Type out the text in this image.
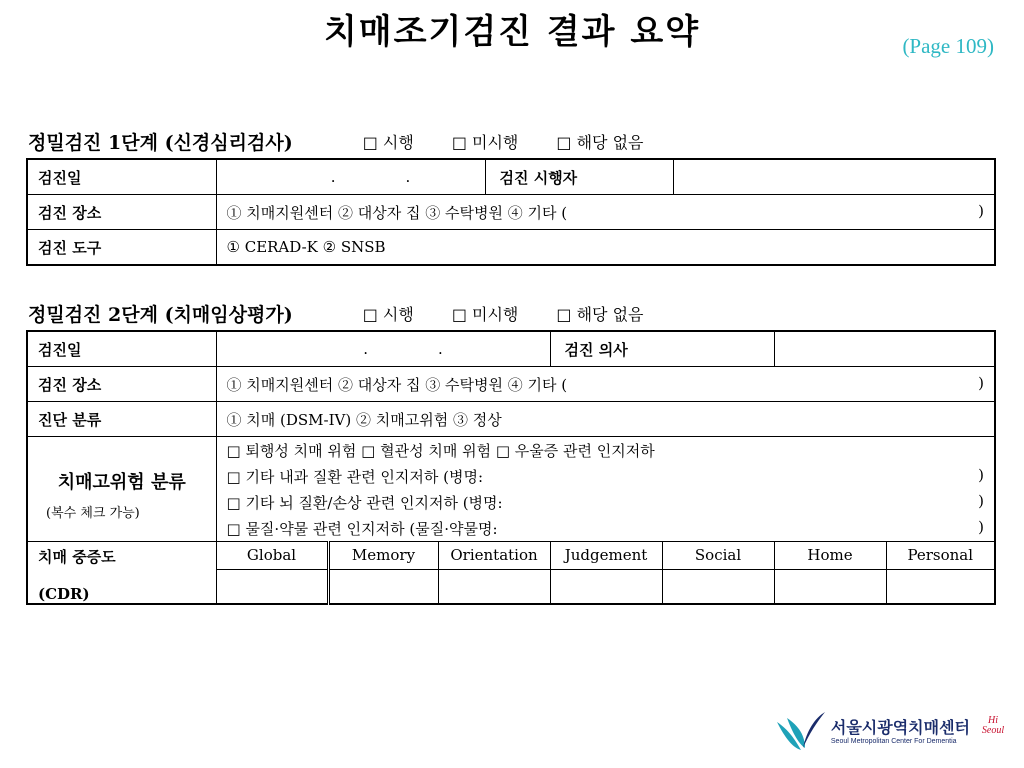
치매조기검진 결과 요약	(Page 109)
정밀검진 1단계 (신경심리검사)	□ 시행 □ 미시행 □ 해당 없음
검진일	. .	검진 시행자	
검진 장소	① 치매지원센터 ② 대상자 집 ③ 수탁병원 ④ 기타 ( )		

검진 도구	① CERAD-K ② SNSB		
정밀검진 2단계 (치매임상평가)	□ 시행 □ 미시행 □ 해당 없음
검진일	. .			검진 의사			
검진 장소	① 치매지원센터 ② 대상자 집 ③ 수탁병원 ④ 기타 ( )						

진단 분류	① 치매 (DSM-IV) ② 치매고위험 ③ 정상						

치매고위험 분류
(복수 체크 가능)	□ 퇴행성 치매 위험 □ 혈관성 치매 위험 □ 우울증 관련 인지저하						

	□ 기타 내과 질환 관련 인지저하 (병명: )						

	□ 기타 뇌 질환/손상 관련 인지저하 (병명: )						

	□ 물질·약물 관련 인지저하 (물질·약물명: )						

치매 중증도
(CDR)	Global	Memory	Orientation	Judgement	Social	Home	Personal

서울시광역치매센터
Seoul Metropolitan Center For Dementia
Hi Seoul
